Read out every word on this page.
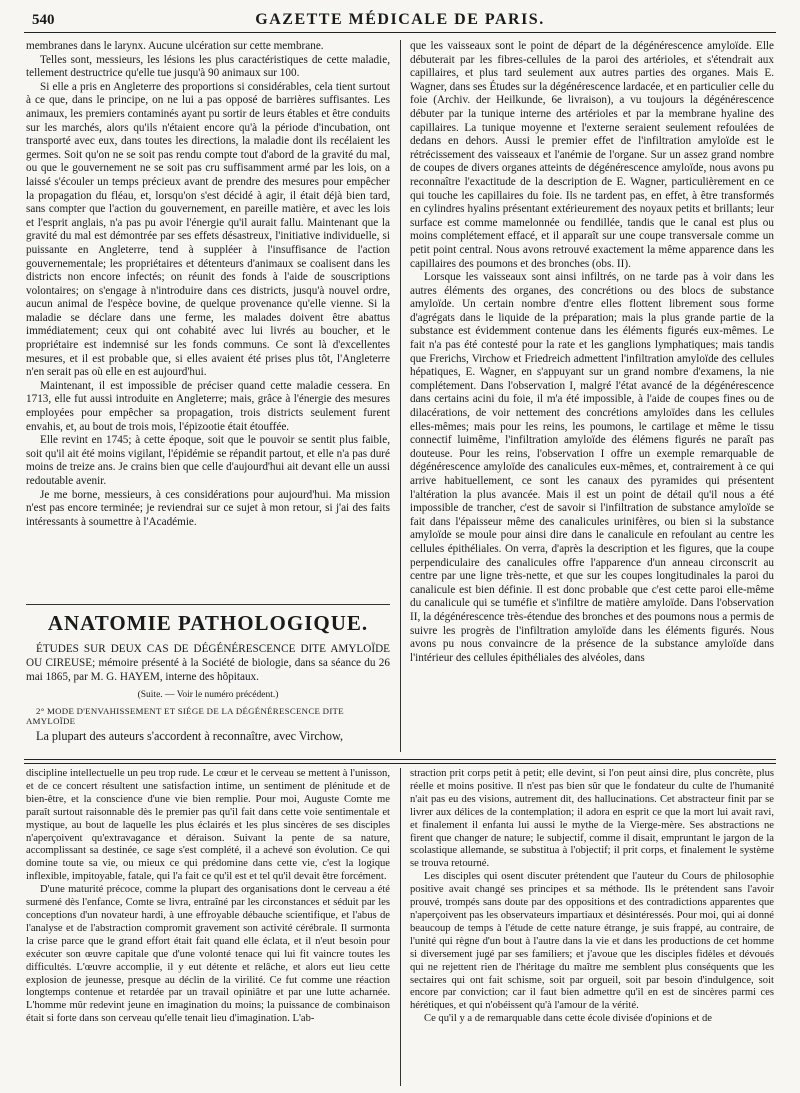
540	GAZETTE MÉDICALE DE PARIS.

membranes dans le larynx. Aucune ulcération sur cette membrane.

Telles sont, messieurs, les lésions les plus caractéristiques de cette maladie, tellement destructrice qu'elle tue jusqu'à 90 animaux sur 100.

Si elle a pris en Angleterre des proportions si considérables, cela tient surtout à ce que, dans le principe, on ne lui a pas opposé de barrières suffisantes. Les animaux, les premiers contaminés ayant pu sortir de leurs étables et être conduits sur les marchés, alors qu'ils n'étaient encore qu'à la période d'incubation, ont transporté avec eux, dans toutes les directions, la maladie dont ils recélaient les germes. Soit qu'on ne se soit pas rendu compte tout d'abord de la gravité du mal, ou que le gouvernement ne se soit pas cru suffisamment armé par les lois, on a laissé s'écouler un temps précieux avant de prendre des mesures pour empêcher la propagation du fléau, et, lorsqu'on s'est décidé à agir, il était déjà bien tard, sans compter que l'action du gouvernement, en pareille matière, et avec les lois et l'esprit anglais, n'a pas pu avoir l'énergie qu'il aurait fallu. Maintenant que la gravité du mal est démontrée par ses effets désastreux, l'initiative individuelle, si puissante en Angleterre, tend à suppléer à l'insuffisance de l'action gouvernementale; les propriétaires et détenteurs d'animaux se coalisent dans les districts non encore infectés; on réunit des fonds à l'aide de souscriptions volontaires; on s'engage à n'introduire dans ces districts, jusqu'à nouvel ordre, aucun animal de l'espèce bovine, de quelque provenance qu'elle vienne. Si la maladie se déclare dans une ferme, les malades doivent être abattus immédiatement; ceux qui ont cohabité avec lui livrés au boucher, et le propriétaire est indemnisé sur les fonds communs. Ce sont là d'excellentes mesures, et il est probable que, si elles avaient été prises plus tôt, l'Angleterre n'en serait pas où elle en est aujourd'hui.

Maintenant, il est impossible de préciser quand cette maladie cessera. En 1713, elle fut aussi introduite en Angleterre; mais, grâce à l'énergie des mesures employées pour empêcher sa propagation, trois districts seulement furent envahis, et, au bout de trois mois, l'épizootie était étouffée.

Elle revint en 1745; à cette époque, soit que le pouvoir se sentit plus faible, soit qu'il ait été moins vigilant, l'épidémie se répandit partout, et elle n'a pas duré moins de treize ans. Je crains bien que celle d'aujourd'hui ait devant elle un aussi redoutable avenir.

Je me borne, messieurs, à ces considérations pour aujourd'hui. Ma mission n'est pas encore terminée; je reviendrai sur ce sujet à mon retour, si j'ai des faits intéressants à soumettre à l'Académie.

ANATOMIE PATHOLOGIQUE.

ÉTUDES SUR DEUX CAS DE DÉGÉNÉRESCENCE DITE AMYLOÏDE OU CIREUSE; mémoire présenté à la Société de biologie, dans sa séance du 26 mai 1865, par M. G. HAYEM, interne des hôpitaux.

(Suite. — Voir le numéro précédent.)
2° MODE D'ENVAHISSEMENT ET SIÉGE DE LA DÉGÉNÉRESCENCE DITE AMYLOÏDE

La plupart des auteurs s'accordent à reconnaître, avec Virchow,

que les vaisseaux sont le point de départ de la dégénérescence amyloïde. Elle débuterait par les fibres-cellules de la paroi des artérioles, et s'étendrait aux capillaires, et plus tard seulement aux autres parties des organes. Mais E. Wagner, dans ses Études sur la dégénérescence lardacée, et en particulier celle du foie (Archiv. der Heilkunde, 6e livraison), a vu toujours la dégénérescence débuter par la tunique interne des artérioles et par la membrane hyaline des capillaires. La tunique moyenne et l'externe seraient seulement refoulées de dedans en dehors. Aussi le premier effet de l'infiltration amyloïde est le rétrécissement des vaisseaux et l'anémie de l'organe. Sur un assez grand nombre de coupes de divers organes atteints de dégénérescence amyloïde, nous avons pu reconnaître l'exactitude de la description de E. Wagner, particulièrement en ce qui touche les capillaires du foie. Ils ne tardent pas, en effet, à être transformés en cylindres hyalins présentant extérieurement des noyaux petits et brillants; leur surface est comme mamelonnée ou fendillée, tandis que le canal est plus ou moins complétement effacé, et il apparaît sur une coupe transversale comme un petit point central. Nous avons retrouvé exactement la même apparence dans les capillaires des poumons et des bronches (obs. II).

Lorsque les vaisseaux sont ainsi infiltrés, on ne tarde pas à voir dans les autres éléments des organes, des concrétions ou des blocs de substance amyloïde. Un certain nombre d'entre elles flottent librement sous forme d'agrégats dans le liquide de la préparation; mais la plus grande partie de la substance est évidemment contenue dans les éléments figurés eux-mêmes. Le fait n'a pas été contesté pour la rate et les ganglions lymphatiques; mais tandis que Frerichs, Virchow et Friedreich admettent l'infiltration amyloïde des cellules hépatiques, E. Wagner, en s'appuyant sur un grand nombre d'examens, la nie complétement. Dans l'observation I, malgré l'état avancé de la dégénérescence dans certains acini du foie, il m'a été impossible, à l'aide de coupes fines ou de dilacérations, de voir nettement des concrétions amyloïdes dans les cellules elles-mêmes; mais pour les reins, les poumons, le cartilage et même le tissu connectif luimême, l'infiltration amyloïde des élémens figurés ne paraît pas douteuse. Pour les reins, l'observation I offre un exemple remarquable de dégénérescence amyloïde des canalicules eux-mêmes, et, contrairement à ce qui arrive habituellement, ce sont les canaux des pyramides qui présentent l'altération la plus avancée. Mais il est un point de détail qu'il nous a été impossible de trancher, c'est de savoir si l'infiltration de substance amyloïde se fait dans l'épaisseur même des canalicules urinifères, ou bien si la substance amyloïde se moule pour ainsi dire dans le canalicule en refoulant au centre les cellules épithéliales. On verra, d'après la description et les figures, que la coupe perpendiculaire des canalicules offre l'apparence d'un anneau circonscrit au centre par une ligne très-nette, et que sur les coupes longitudinales la paroi du canalicule est bien définie. Il est donc probable que c'est cette paroi elle-même du canalicule qui se tuméfie et s'infiltre de matière amyloïde. Dans l'observation II, la dégénérescence très-étendue des bronches et des poumons nous a permis de suivre les progrès de l'infiltration amyloïde dans les éléments figurés. Nous avons pu nous convaincre de la présence de la substance amyloïde dans l'intérieur des cellules épithéliales des alvéoles, dans

discipline intellectuelle un peu trop rude. Le cœur et le cerveau se mettent à l'unisson, et de ce concert résultent une satisfaction intime, un sentiment de plénitude et de bien-être, et la conscience d'une vie bien remplie. Pour moi, Auguste Comte me paraît surtout raisonnable dès le premier pas qu'il fait dans cette voie sentimentale et mystique, au bout de laquelle les plus éclairés et les plus sincères de ses disciples n'aperçoivent qu'extravagance et déraison. Suivant la pente de sa nature, accomplissant sa destinée, ce sage s'est complété, il a achevé son évolution. Ce qui domine toute sa vie, ou mieux ce qui prédomine dans cette vie, c'est la logique inflexible, impitoyable, fatale, qui l'a fait ce qu'il est et tel qu'il devait être forcément.

D'une maturité précoce, comme la plupart des organisations dont le cerveau a été surmené dès l'enfance, Comte se livra, entraîné par les circonstances et séduit par les conceptions d'un novateur hardi, à une effroyable débauche scientifique, et l'abus de l'analyse et de l'abstraction compromit gravement son activité cérébrale. Il surmonta la crise parce que le grand effort était fait quand elle éclata, et il n'eut besoin pour exécuter son œuvre capitale que d'une volonté tenace qui lui fit vaincre toutes les difficultés. L'œuvre accomplie, il y eut détente et relâche, et alors eut lieu cette explosion de jeunesse, presque au déclin de la virilité. Ce fut comme une réaction longtemps contenue et retardée par un travail opiniâtre et par une lutte acharnée. L'homme mûr redevint jeune en imagination du moins; la puissance de combinaison était si forte dans son cerveau qu'elle tenait lieu d'imagination. L'ab-

straction prit corps petit à petit; elle devint, si l'on peut ainsi dire, plus concrète, plus réelle et moins positive. Il n'est pas bien sûr que le fondateur du culte de l'humanité n'ait pas eu des visions, autrement dit, des hallucinations. Cet abstracteur finit par se livrer aux délices de la contemplation; il adora en esprit ce que la mort lui avait ravi, et finalement il enfanta lui aussi le mythe de la Vierge-mère. Ses abstractions ne firent que changer de nature; le subjectif, comme il disait, empruntant le jargon de la scolastique allemande, se substitua à l'objectif; il prit corps, et finalement le système se trouva retourné.

Les disciples qui osent discuter prétendent que l'auteur du Cours de philosophie positive avait changé ses principes et sa méthode. Ils le prétendent sans l'avoir prouvé, trompés sans doute par des oppositions et des contradictions apparentes que n'aperçoivent pas les observateurs impartiaux et désintéressés. Pour moi, qui ai donné beaucoup de temps à l'étude de cette nature étrange, je suis frappé, au contraire, de l'unité qui règne d'un bout à l'autre dans la vie et dans les productions de cet homme si diversement jugé par ses familiers; et j'avoue que les disciples fidèles et dévoués qui ne rejettent rien de l'héritage du maître me semblent plus conséquents que les sectaires qui ont fait schisme, soit par orgueil, soit par besoin d'indulgence, soit encore par conviction; car il faut bien admettre qu'il en est de sincères parmi ces hérétiques, et qui n'obéissent qu'à l'amour de la vérité.

Ce qu'il y a de remarquable dans cette école divisée d'opinions et de
